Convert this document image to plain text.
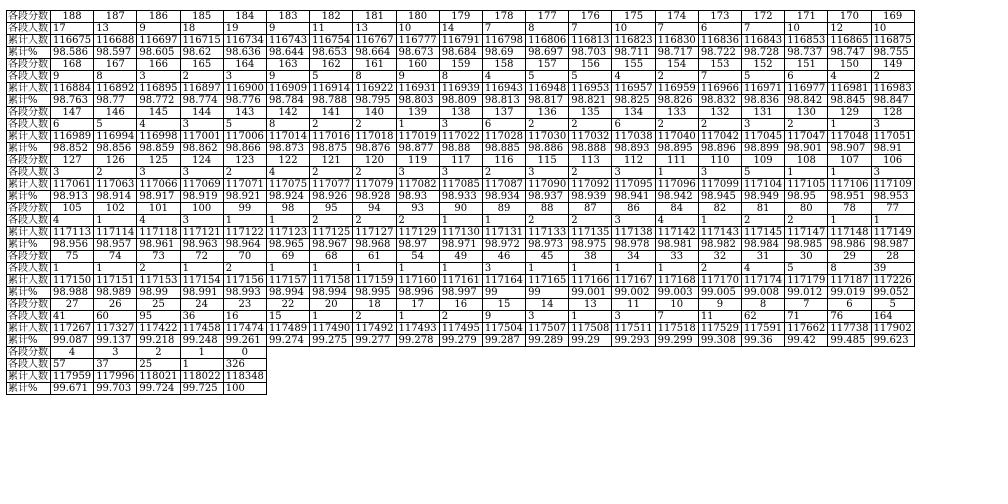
各段分数	188	187	186	185	184	183	182	181	180	179	178	177	176	175	174	173	172	171	170	169
各段人数	17	13	9	18	19	9	11	13	10	14	7	8	7	10	7	6	7	10	12	10
累计人数	116675	116688	116697	116715	116734	116743	116754	116767	116777	116791	116798	116806	116813	116823	116830	116836	116843	116853	116865	116875
累计%	98.586	98.597	98.605	98.62	98.636	98.644	98.653	98.664	98.673	98.684	98.69	98.697	98.703	98.711	98.717	98.722	98.728	98.737	98.747	98.755
各段分数	168	167	166	165	164	163	162	161	160	159	158	157	156	155	154	153	152	151	150	149
各段人数	9	8	3	2	3	9	5	8	9	8	4	5	5	4	2	7	5	6	4	2
累计人数	116884	116892	116895	116897	116900	116909	116914	116922	116931	116939	116943	116948	116953	116957	116959	116966	116971	116977	116981	116983
累计%	98.763	98.77	98.772	98.774	98.776	98.784	98.788	98.795	98.803	98.809	98.813	98.817	98.821	98.825	98.826	98.832	98.836	98.842	98.845	98.847
各段分数	147	146	145	144	143	142	141	140	139	138	137	136	135	134	133	132	131	130	129	128
各段人数	6	5	4	3	5	8	2	2	1	3	6	2	2	6	2	2	3	2	1	3
累计人数	116989	116994	116998	117001	117006	117014	117016	117018	117019	117022	117028	117030	117032	117038	117040	117042	117045	117047	117048	117051
累计%	98.852	98.856	98.859	98.862	98.866	98.873	98.875	98.876	98.877	98.88	98.885	98.886	98.888	98.893	98.895	98.896	98.899	98.901	98.907	98.91
各段分数	127	126	125	124	123	122	121	120	119	117	116	115	113	112	111	110	109	108	107	106
各段人数	3	2	3	3	2	4	2	2	3	3	2	3	2	3	1	3	5	1	1	3
累计人数	117061	117063	117066	117069	117071	117075	117077	117079	117082	117085	117087	117090	117092	117095	117096	117099	117104	117105	117106	117109
累计%	98.913	98.914	98.917	98.919	98.921	98.924	98.926	98.928	98.93	98.933	98.934	98.937	98.939	98.941	98.942	98.945	98.949	98.95	98.951	98.953
各段分数	105	102	101	100	99	98	95	94	93	90	89	88	87	86	84	82	81	80	78	77
各段人数	4	1	4	3	1	1	2	2	2	1	1	2	2	3	4	1	2	2	1	1
累计人数	117113	117114	117118	117121	117122	117123	117125	117127	117129	117130	117131	117133	117135	117138	117142	117143	117145	117147	117148	117149
累计%	98.956	98.957	98.961	98.963	98.964	98.965	98.967	98.968	98.97	98.971	98.972	98.973	98.975	98.978	98.981	98.982	98.984	98.985	98.986	98.987
各段分数	75	74	73	72	70	69	68	61	54	49	46	45	38	34	33	32	31	30	29	28
各段人数	1	1	2	1	2	1	1	1	1	1	3	1	1	1	1	2	4	5	8	39
累计人数	117150	117151	117153	117154	117156	117157	117158	117159	117160	117161	117164	117165	117166	117167	117168	117170	117174	117179	117187	117226
累计%	98.988	98.989	98.99	98.991	98.993	98.994	98.994	98.995	98.996	98.997	99	99	99.001	99.002	99.003	99.005	99.008	99.012	99.019	99.052
各段分数	27	26	25	24	23	22	20	18	17	16	15	14	13	11	10	9	8	7	6	5
各段人数	41	60	95	36	16	15	1	2	1	2	9	3	1	3	7	11	62	71	76	164
累计人数	117267	117327	117422	117458	117474	117489	117490	117492	117493	117495	117504	117507	117508	117511	117518	117529	117591	117662	117738	117902
累计%	99.087	99.137	99.218	99.248	99.261	99.274	99.275	99.277	99.278	99.279	99.287	99.289	99.29	99.293	99.299	99.308	99.36	99.42	99.485	99.623
各段分数	4	3	2	1	0															
各段人数	57	37	25	1	326															
累计人数	117959	117996	118021	118022	118348															
累计%	99.671	99.703	99.724	99.725	100															
